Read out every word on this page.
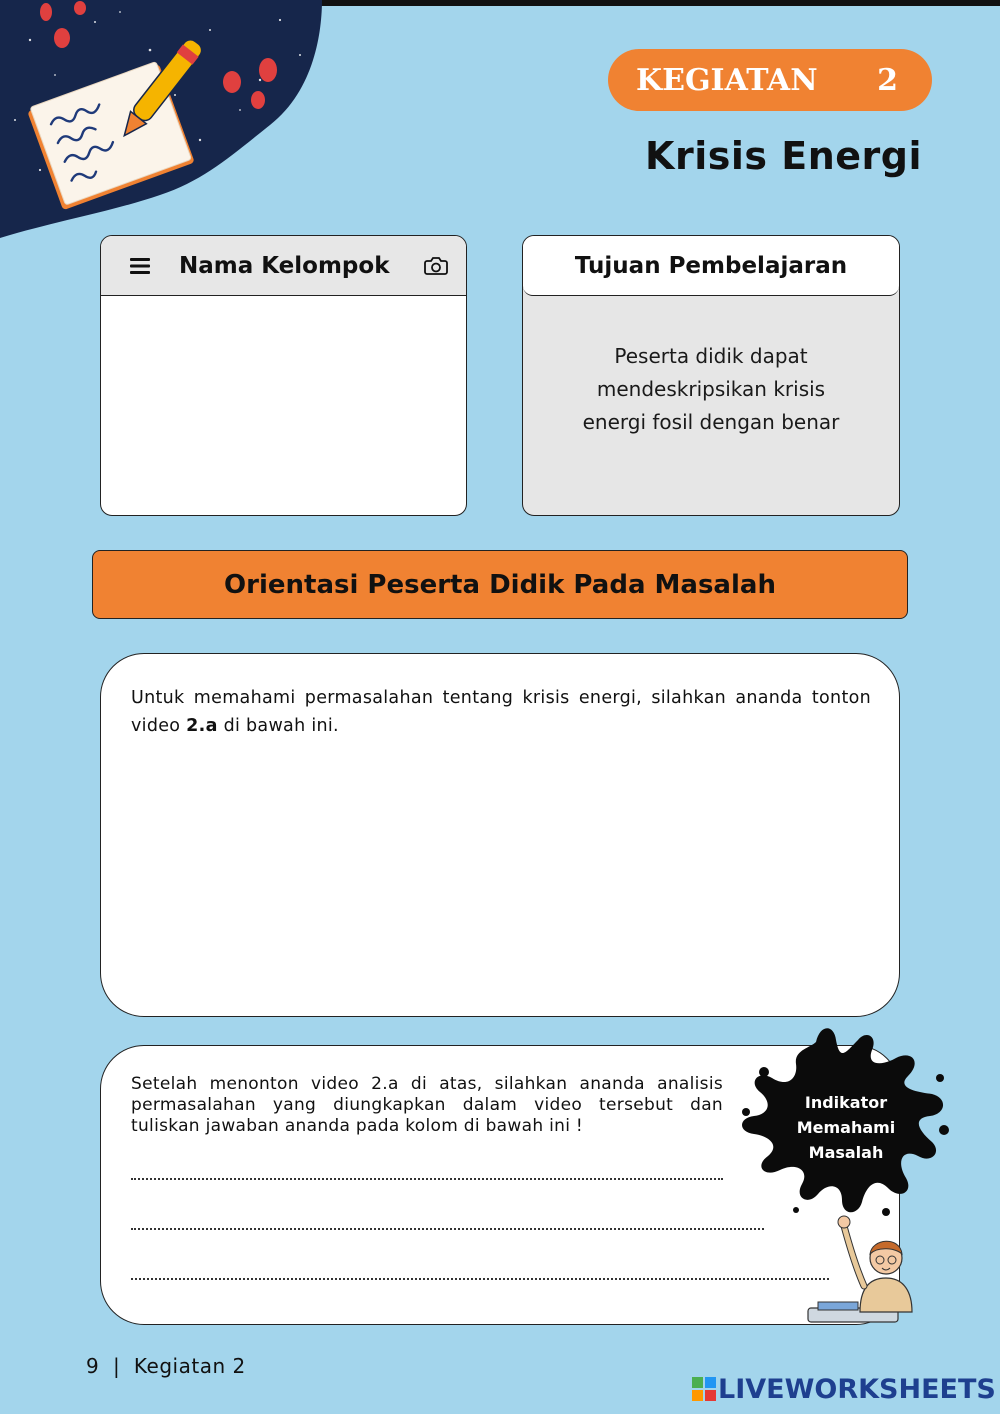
KEGIATAN 2
Krisis Energi
Nama Kelompok	Tujuan Pembelajaran
Peserta didik dapat
mendeskripsikan krisis
energi fosil dengan benar
Orientasi Peserta Didik Pada Masalah

Untuk memahami permasalahan tentang krisis energi, silahkan ananda tonton video 2.a di bawah ini.

Setelah menonton video 2.a di atas, silahkan ananda analisis permasalahan yang diungkapkan dalam video tersebut dan tuliskan jawaban ananda pada kolom di bawah ini !

Indikator
Memahami
Masalah
9 | Kegiatan 2
LIVEWORKSHEETS
